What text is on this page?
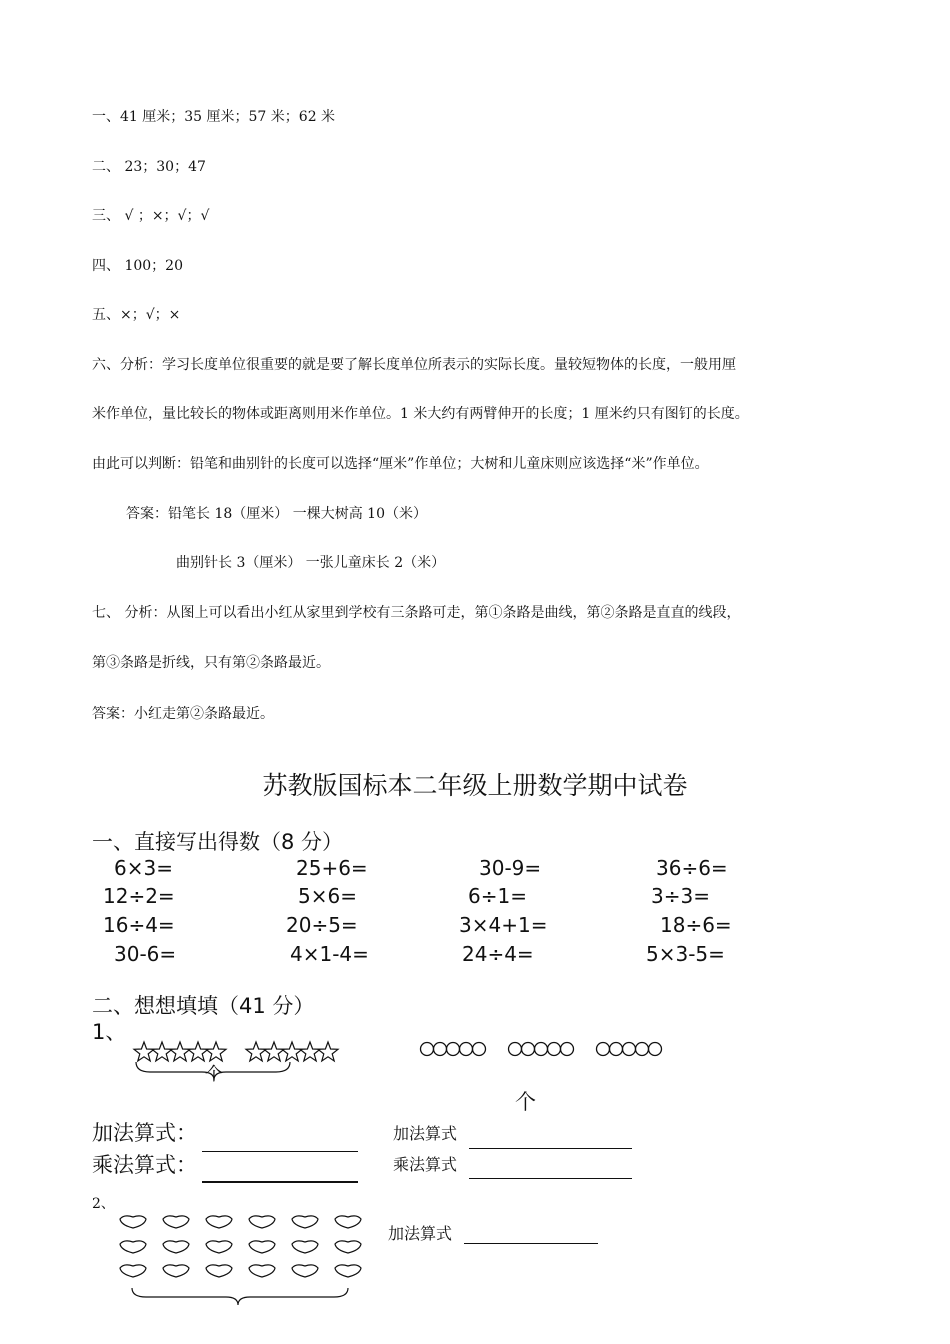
一、41 厘米；35 厘米；57 米；62 米
二、 23；30；47
三、 √ ；×；√；√
四、 100；20
五、×；√；×
六、分析：学习长度单位很重要的就是要了解长度单位所表示的实际长度。量较短物体的长度，一般用厘
米作单位，量比较长的物体或距离则用米作单位。1 米大约有两臂伸开的长度；1 厘米约只有图钉的长度。
由此可以判断：铅笔和曲别针的长度可以选择“厘米”作单位；大树和儿童床则应该选择“米”作单位。
答案：铅笔长 18（厘米） 一棵大树高 10（米）
曲别针长 3（厘米） 一张儿童床长 2（米）
七、 分析：从图上可以看出小红从家里到学校有三条路可走，第①条路是曲线，第②条路是直直的线段，
第③条路是折线，只有第②条路最近。
答案：小红走第②条路最近。
苏教版国标本二年级上册数学期中试卷
一、直接写出得数（8 分）
6×3=	25+6=	30-9=	36÷6=
12÷2=	5×6=	6÷1=	3÷3=
16÷4=	20÷5=	3×4+1=	18÷6=
30-6=	4×1-4=	24÷4=	5×3-5=
二、想想填填（41 分）
1、
个
个
加法算式：
乘法算式：
加法算式
乘法算式
2、
加法算式
